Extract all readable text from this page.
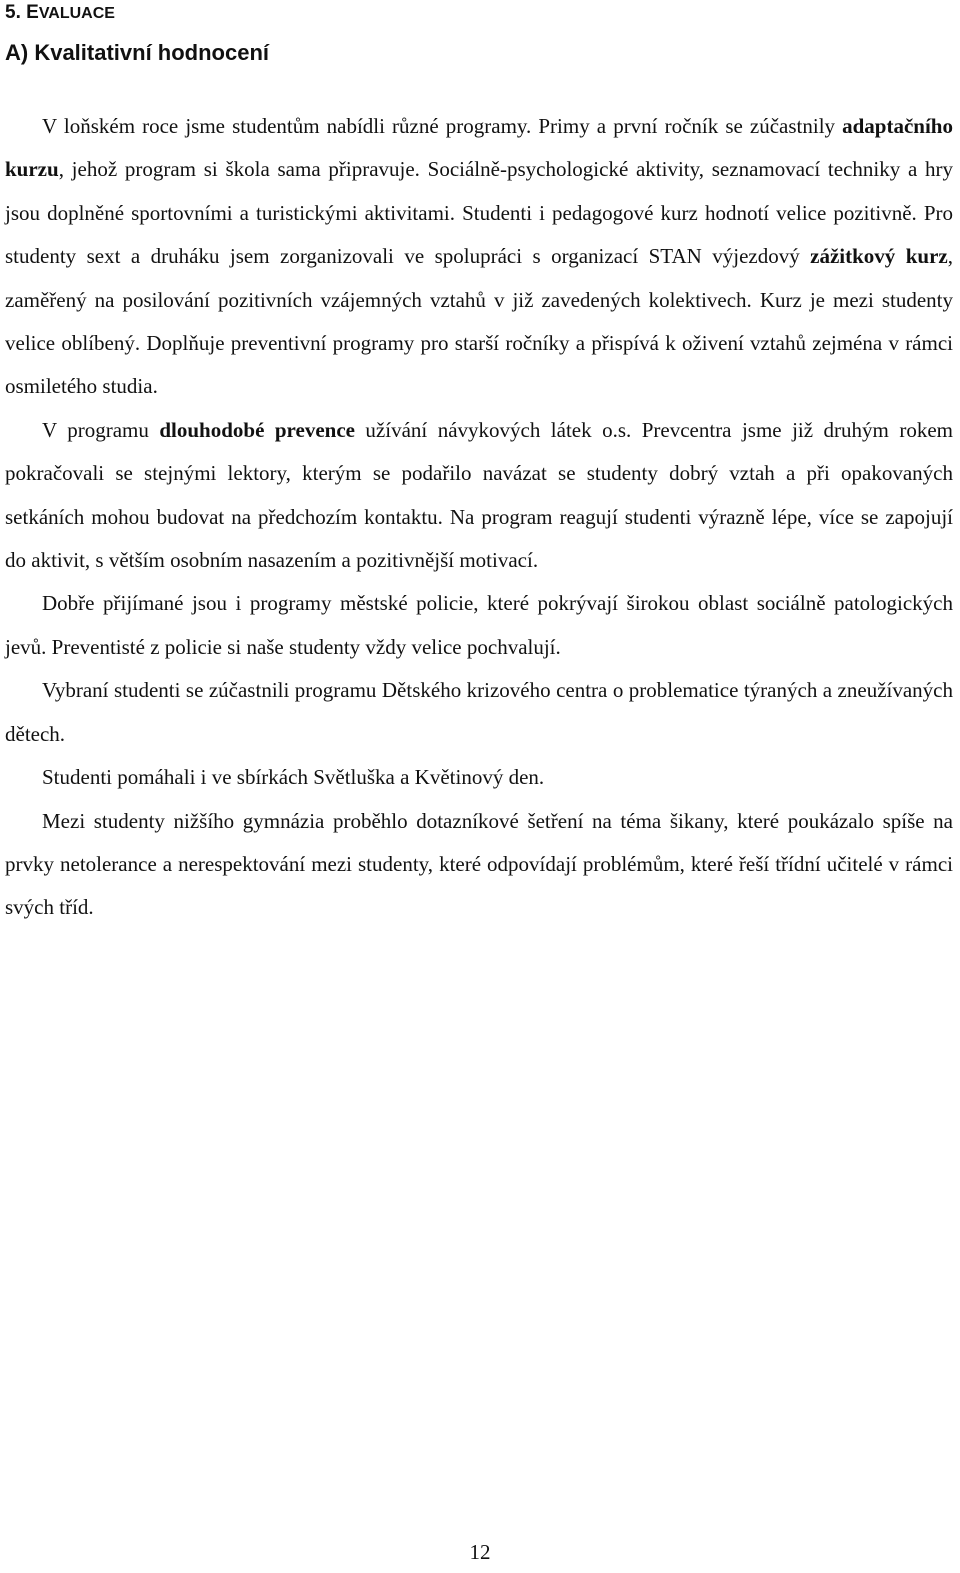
5. EVALUACE
A) Kvalitativní hodnocení

V loňském roce jsme studentům nabídli různé programy. Primy a první ročník se zúčastnily adaptačního kurzu, jehož program si škola sama připravuje. Sociálně-psychologické aktivity, seznamovací techniky a hry jsou doplněné sportovními a turistickými aktivitami. Studenti i pedagogové kurz hodnotí velice pozitivně. Pro studenty sext a druháku jsem zorganizovali ve spolupráci s organizací STAN výjezdový zážitkový kurz, zaměřený na posilování pozitivních vzájemných vztahů v již zavedených kolektivech. Kurz je mezi studenty velice oblíbený. Doplňuje preventivní programy pro starší ročníky a přispívá k oživení vztahů zejména v rámci osmiletého studia.

V programu dlouhodobé prevence užívání návykových látek o.s. Prevcentra jsme již druhým rokem pokračovali se stejnými lektory, kterým se podařilo navázat se studenty dobrý vztah a při opakovaných setkáních mohou budovat na předchozím kontaktu. Na program reagují studenti výrazně lépe, více se zapojují do aktivit, s větším osobním nasazením a pozitivnější motivací.

Dobře přijímané jsou i programy městské policie, které pokrývají širokou oblast sociálně patologických jevů. Preventisté z policie si naše studenty vždy velice pochvalují.

Vybraní studenti se zúčastnili programu Dětského krizového centra o problematice týraných a zneužívaných dětech.

Studenti pomáhali i ve sbírkách Světluška a Květinový den.

Mezi studenty nižšího gymnázia proběhlo dotazníkové šetření na téma šikany, které poukázalo spíše na prvky netolerance a nerespektování mezi studenty, které odpovídají problémům, které řeší třídní učitelé v rámci svých tříd.

12
